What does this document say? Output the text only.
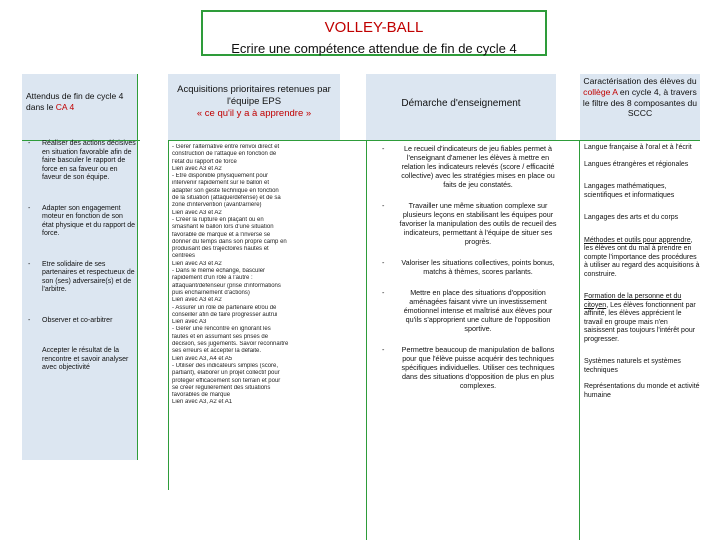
VOLLEY-BALL
Ecrire une compétence attendue de fin de cycle 4
Attendus de fin de cycle 4 dans le CA 4
Acquisitions prioritaires retenues par l'équipe EPS
« ce qu'il y a à apprendre »
Démarche d'enseignement
Caractérisation des élèves du collège A en cycle 4, à travers le filtre des 8 composantes du SCCC
- Réaliser des actions décisives en situation favorable afin de faire basculer le rapport de force en sa faveur ou en faveur de son équipe.
- Adapter son engagement moteur en fonction de son état physique et du rapport de force.
- Etre solidaire de ses partenaires et respectueux de son (ses) adversaire(s) et de l'arbitre.
- Observer et co-arbitrer
Accepter le résultat de la rencontre et savoir analyser avec objectivité
- Gérer l'alternative entre renvoi direct et
construction de l'attaque en fonction de
l'état du rapport de force
Lien avec A3 et A2
- Etre disponible physiquement pour
intervenir rapidement sur le ballon et
adapter son geste technique en fonction
de la situation (attaque/défense) et de sa
zone d'intervention (avant/arrière)
Lien avec A3 et A2
- Créer la rupture en plaçant ou en
smashant le ballon lors d'une situation
favorable de marque et à l'inverse se
donner du temps dans son propre camp en
produisant des trajectoires hautes et
centrées
Lien avec A3 et A2
- Dans le même échange, basculer
rapidement d'un rôle à l'autre :
attaquant/défenseur (prise d'informations
puis enchaînement d'actions)
Lien avec A3 et A2
- Assurer un rôle de partenaire et/ou de
conseiller afin de faire progresser autrui
Lien avec A3
- Gérer une rencontre en ignorant les
fautes et en assumant ses prises de
décision, ses jugements. Savoir reconnaître
ses erreurs et accepter la défaite.
Lien avec A3, A4 et A5
- Utiliser des indicateurs simples (score,
partiant), élaborer un projet collectif pour
protéger efficacement son terrain et pour
se créer régulièrement des situations
favorables de marque
Lien avec A3, A2 et A1
- Le recueil d'indicateurs de jeu fiables permet à l'enseignant d'amener les élèves à mettre en relation les indicateurs relevés (score / efficacité collective) avec les stratégies mises en place ou faits de jeu constatés.
- Travailler une même situation complexe sur plusieurs leçons en stabilisant les équipes pour favoriser la manipulation des outils de recueil des indicateurs, permettant à l'équipe de situer ses progrès.
- Valoriser les situations collectives, points bonus, matchs à thèmes, scores parlants.
- Mettre en place des situations d'opposition aménagées faisant vivre un investissement émotionnel intense et maîtrisé aux élèves pour qu'ils s'approprient une culture de l'opposition sportive.
- Permettre beaucoup de manipulation de ballons pour que l'élève puisse acquérir des techniques spécifiques individuelles. Utiliser ces techniques dans des situations d'opposition de plus en plus complexes.
Langue française à l'oral et à l'écrit
Langues étrangères et régionales
Langages mathématiques, scientifiques et informatiques
Langages des arts et du corps
Méthodes et outils pour apprendre, les élèves ont du mal à prendre en compte l'importance des procédures à utiliser au regard des acquisitions à construire.
Formation de la personne et du citoyen, Les élèves fonctionnent par affinité, les élèves apprécient le travail en groupe mais n'en saisissent pas toujours l'intérêt pour progresser.
Systèmes naturels et systèmes techniques
Représentations du monde et activité humaine
